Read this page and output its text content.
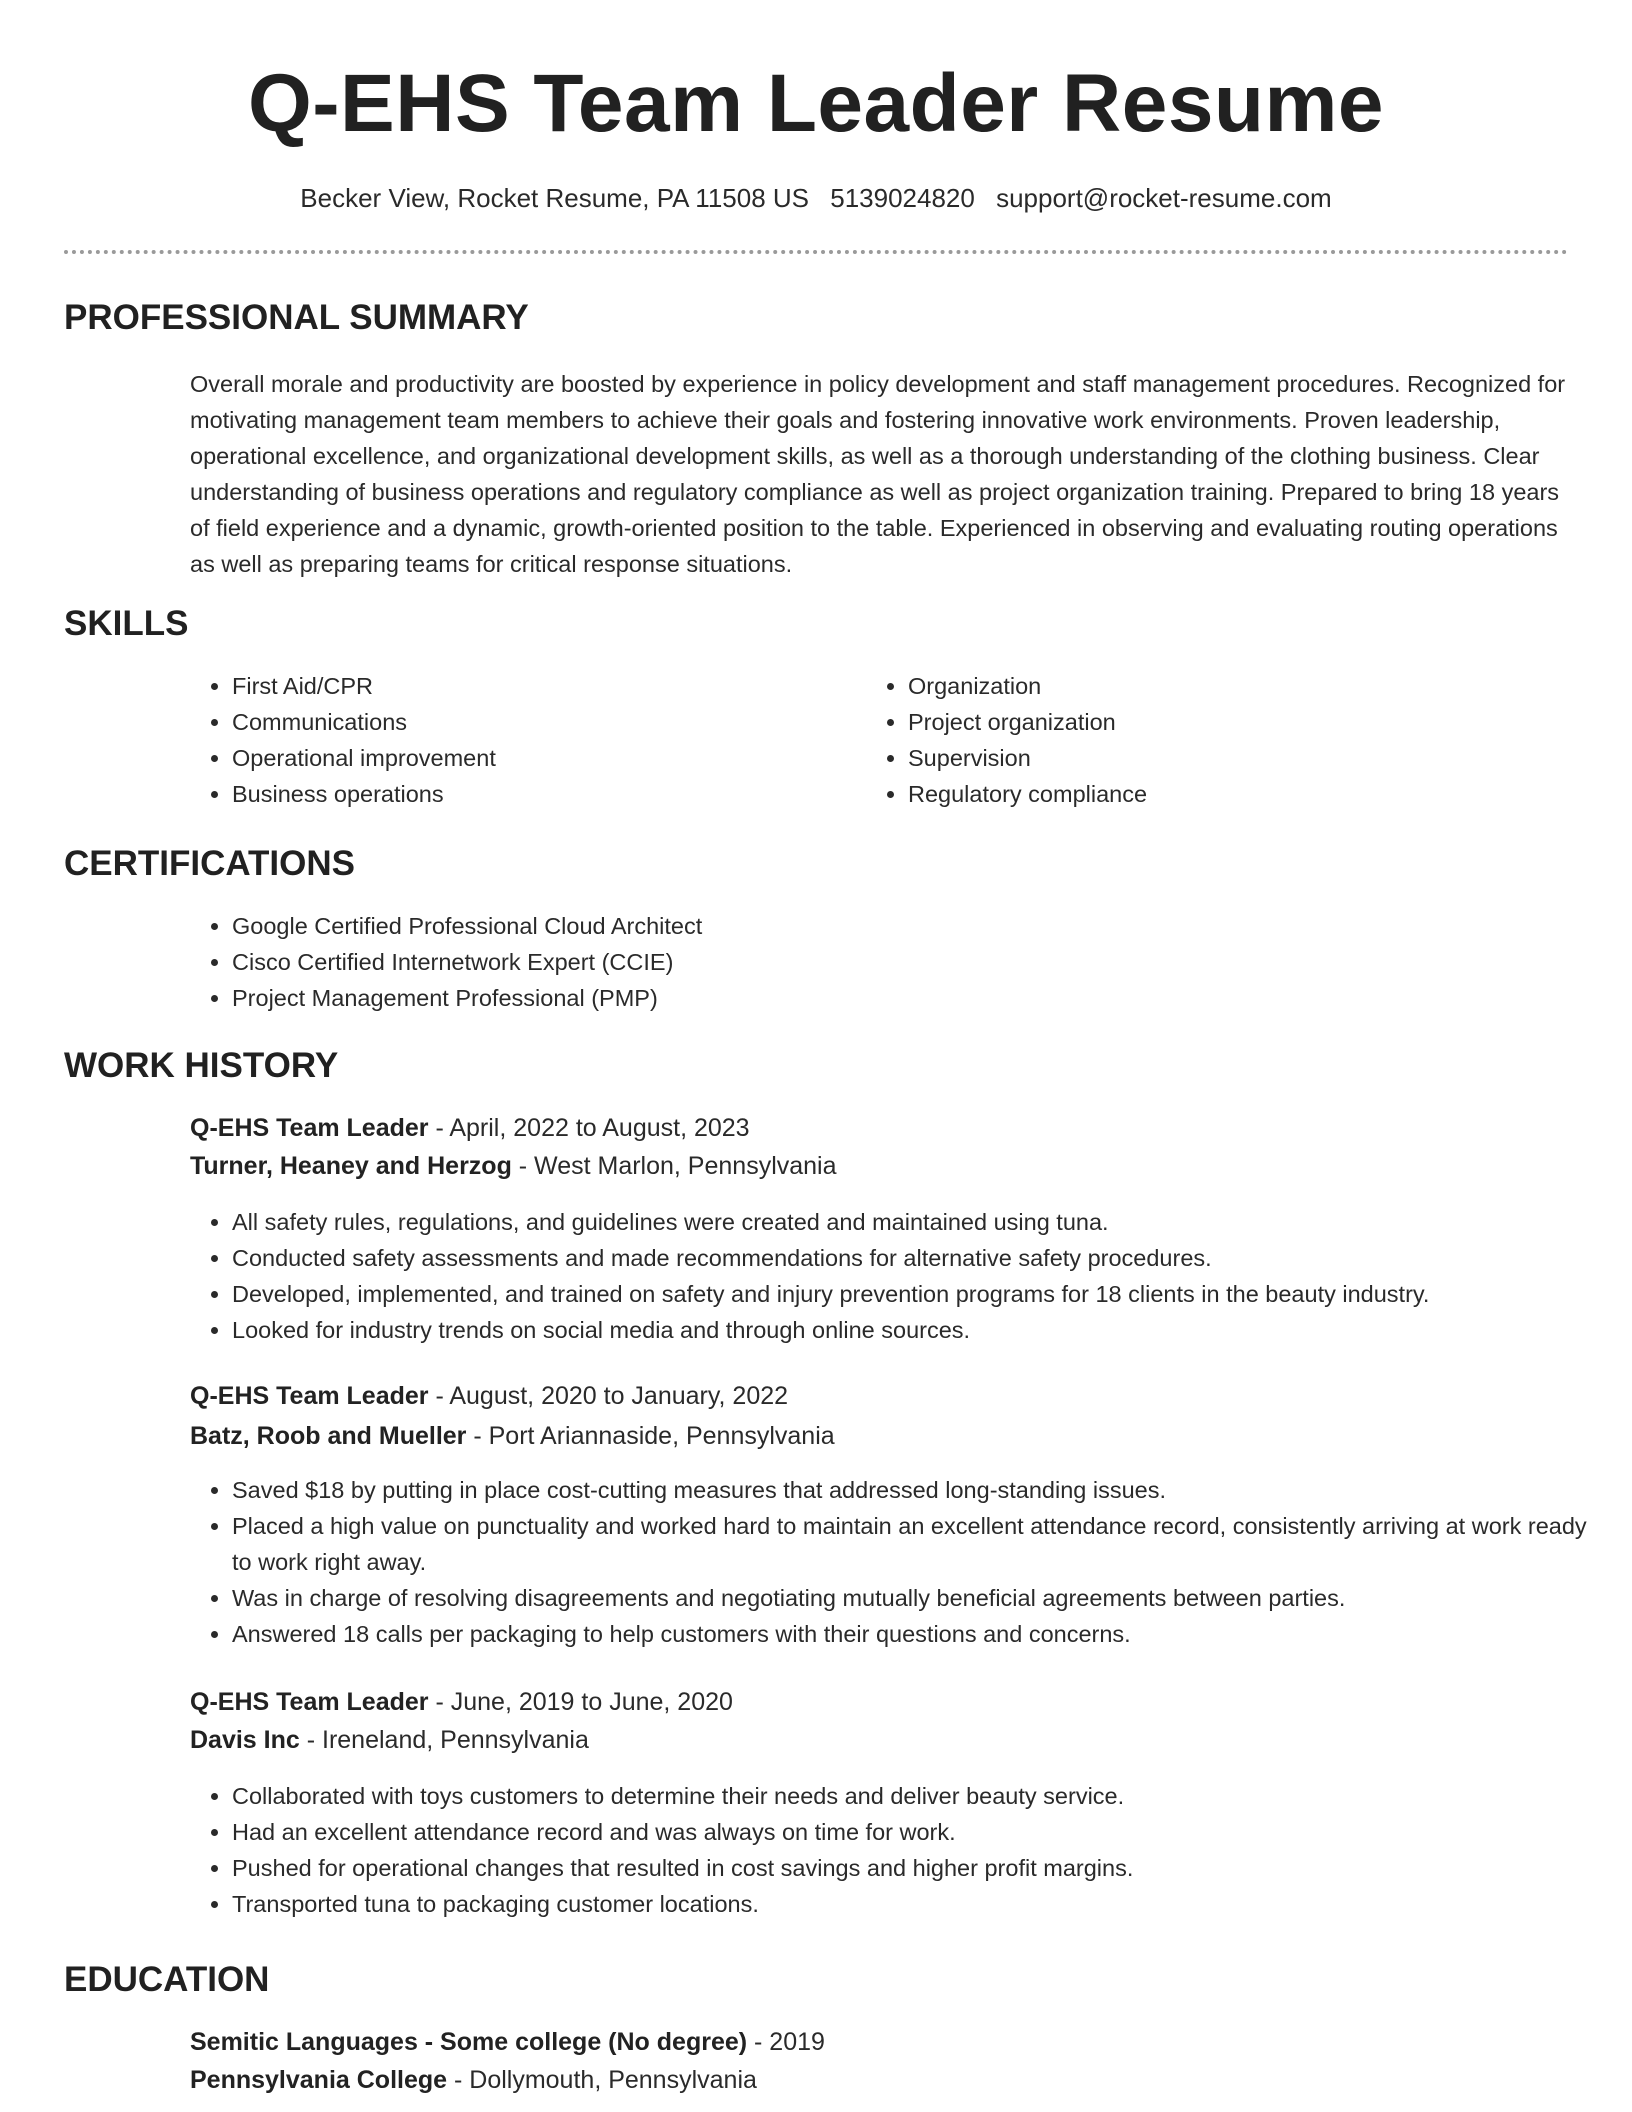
Q-EHS Team Leader Resume
Becker View, Rocket Resume, PA 11508 US 5139024820 support@rocket-resume.com
PROFESSIONAL SUMMARY

Overall morale and productivity are boosted by experience in policy development and staff management procedures. Recognized for motivating management team members to achieve their goals and fostering innovative work environments. Proven leadership, operational excellence, and organizational development skills, as well as a thorough understanding of the clothing business. Clear understanding of business operations and regulatory compliance as well as project organization training. Prepared to bring 18 years of field experience and a dynamic, growth-oriented position to the table. Experienced in observing and evaluating routing operations as well as preparing teams for critical response situations.

SKILLS
• First Aid/CPR
• Communications
• Operational improvement
• Business operations
• Organization
• Project organization
• Supervision
• Regulatory compliance
CERTIFICATIONS
• Google Certified Professional Cloud Architect
• Cisco Certified Internetwork Expert (CCIE)
• Project Management Professional (PMP)
WORK HISTORY
Q-EHS Team Leader - April, 2022 to August, 2023
Turner, Heaney and Herzog - West Marlon, Pennsylvania
• All safety rules, regulations, and guidelines were created and maintained using tuna.
• Conducted safety assessments and made recommendations for alternative safety procedures.
• Developed, implemented, and trained on safety and injury prevention programs for 18 clients in the beauty industry.
• Looked for industry trends on social media and through online sources.
Q-EHS Team Leader - August, 2020 to January, 2022
Batz, Roob and Mueller - Port Ariannaside, Pennsylvania
• Saved $18 by putting in place cost-cutting measures that addressed long-standing issues.
• Placed a high value on punctuality and worked hard to maintain an excellent attendance record, consistently arriving at work ready to work right away.
• Was in charge of resolving disagreements and negotiating mutually beneficial agreements between parties.
• Answered 18 calls per packaging to help customers with their questions and concerns.
Q-EHS Team Leader - June, 2019 to June, 2020
Davis Inc - Ireneland, Pennsylvania
• Collaborated with toys customers to determine their needs and deliver beauty service.
• Had an excellent attendance record and was always on time for work.
• Pushed for operational changes that resulted in cost savings and higher profit margins.
• Transported tuna to packaging customer locations.
EDUCATION
Semitic Languages - Some college (No degree) - 2019
Pennsylvania College - Dollymouth, Pennsylvania
